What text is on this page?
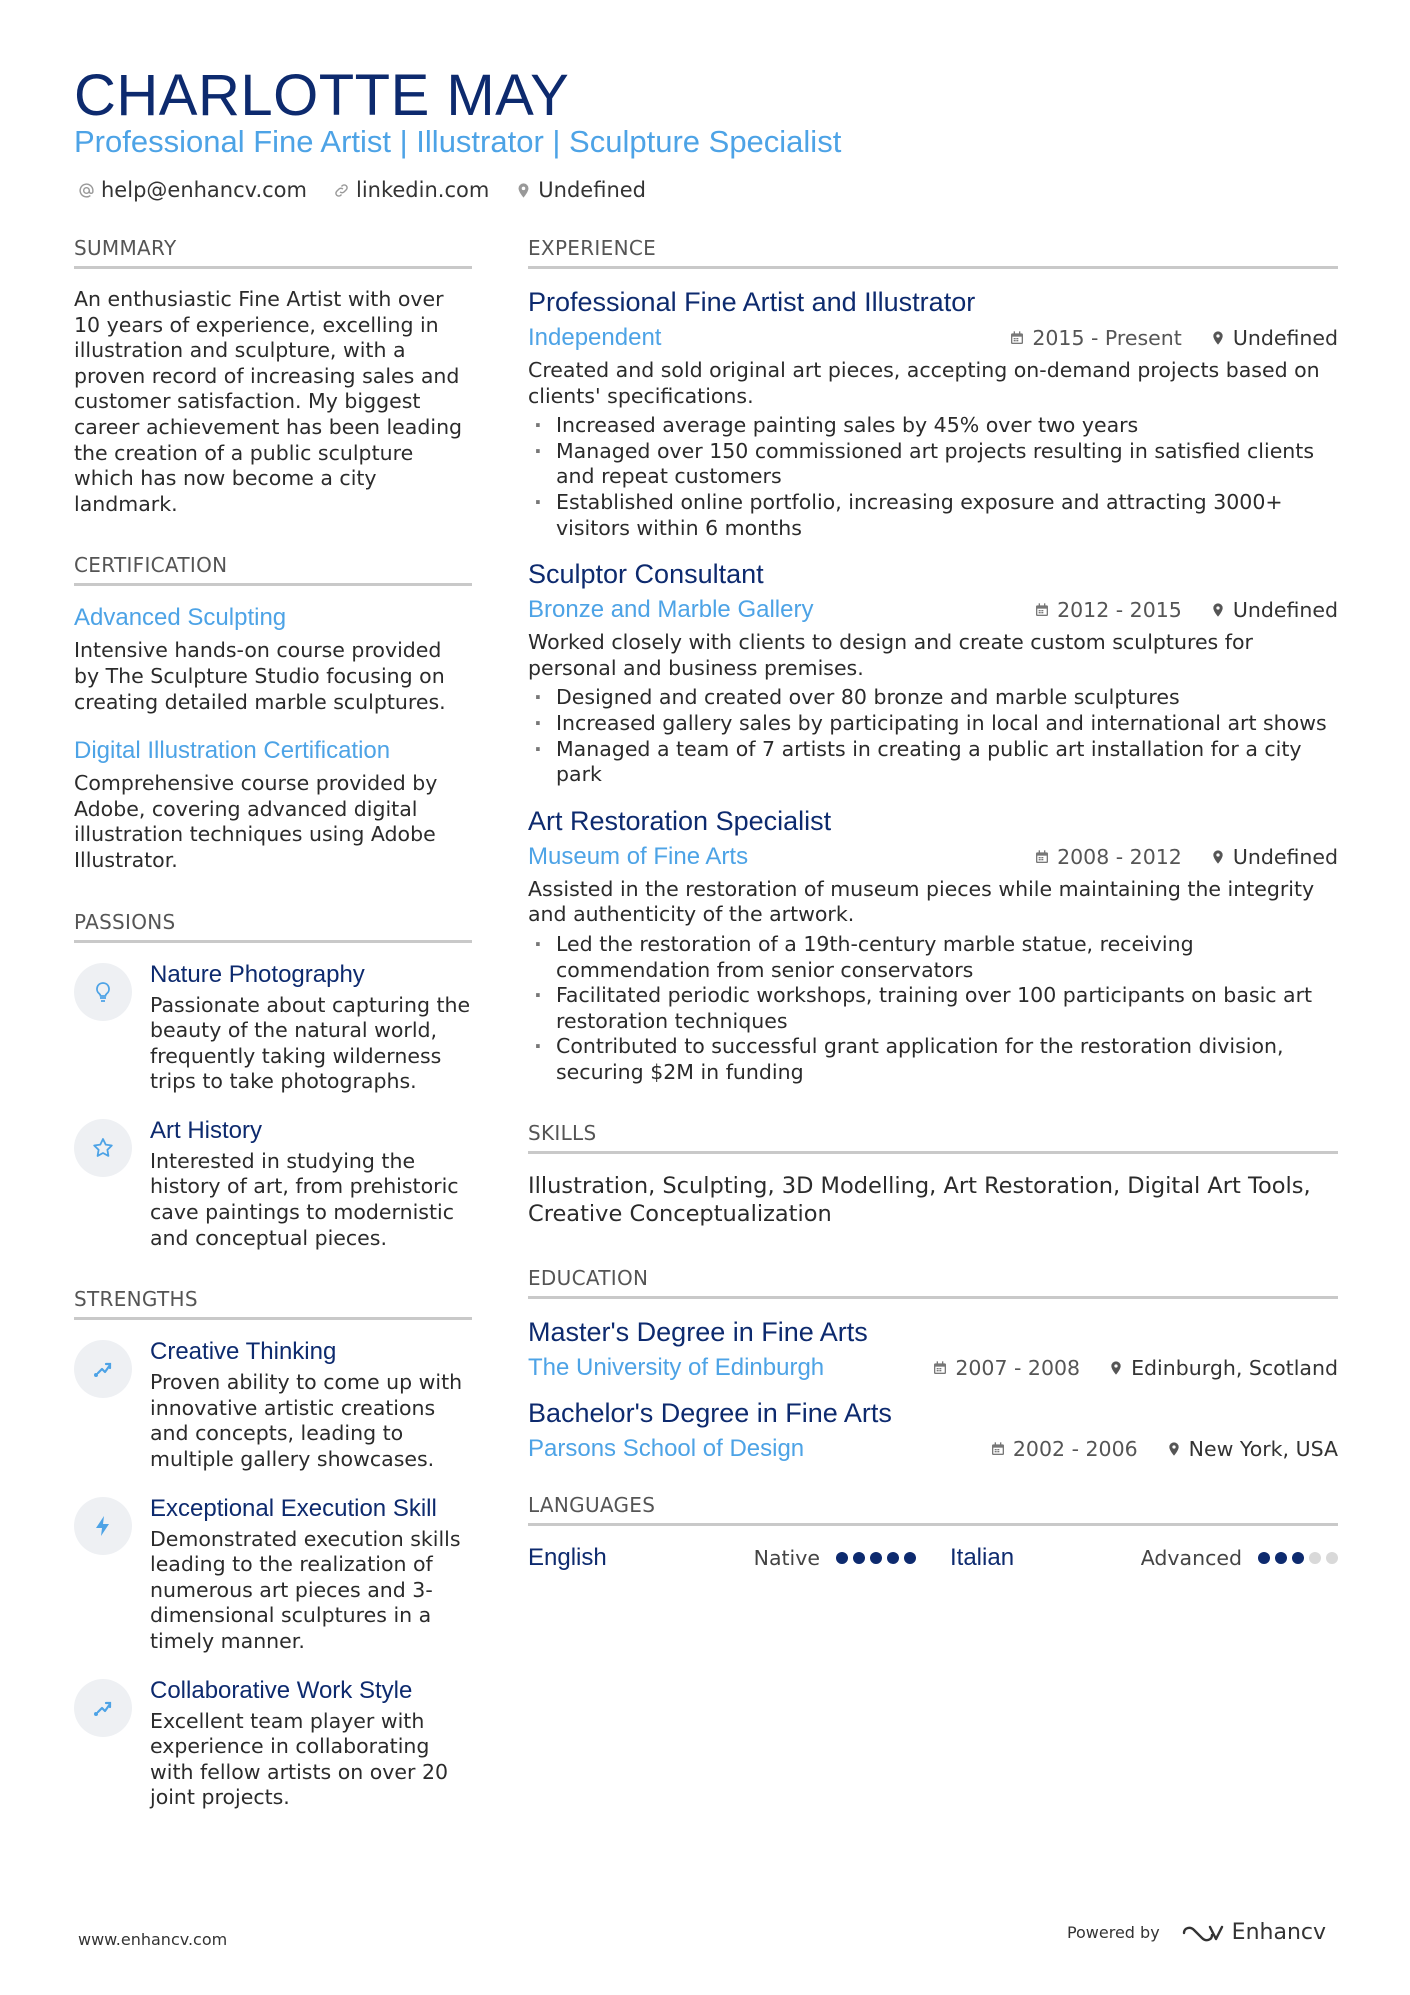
CHARLOTTE MAY
Professional Fine Artist | Illustrator | Sculpture Specialist
help@enhancv.com linkedin.com Undefined
SUMMARY
An enthusiastic Fine Artist with over 10 years of experience, excelling in illustration and sculpture, with a proven record of increasing sales and customer satisfaction. My biggest career achievement has been leading the creation of a public sculpture which has now become a city landmark.
CERTIFICATION
Advanced Sculpting
Intensive hands-on course provided by The Sculpture Studio focusing on creating detailed marble sculptures.
Digital Illustration Certification
Comprehensive course provided by Adobe, covering advanced digital illustration techniques using Adobe Illustrator.
PASSIONS
Nature Photography
Passionate about capturing the beauty of the natural world, frequently taking wilderness trips to take photographs.
Art History
Interested in studying the history of art, from prehistoric cave paintings to modernistic and conceptual pieces.
STRENGTHS
Creative Thinking
Proven ability to come up with innovative artistic creations and concepts, leading to multiple gallery showcases.
Exceptional Execution Skill
Demonstrated execution skills leading to the realization of numerous art pieces and 3-dimensional sculptures in a timely manner.
Collaborative Work Style
Excellent team player with experience in collaborating with fellow artists on over 20 joint projects.
EXPERIENCE
Professional Fine Artist and Illustrator
Independent	2015 - Present Undefined
Created and sold original art pieces, accepting on-demand projects based on clients' specifications.
· Increased average painting sales by 45% over two years
· Managed over 150 commissioned art projects resulting in satisfied clients and repeat customers
· Established online portfolio, increasing exposure and attracting 3000+ visitors within 6 months
Sculptor Consultant
Bronze and Marble Gallery	2012 - 2015 Undefined
Worked closely with clients to design and create custom sculptures for personal and business premises.
· Designed and created over 80 bronze and marble sculptures
· Increased gallery sales by participating in local and international art shows
· Managed a team of 7 artists in creating a public art installation for a city park
Art Restoration Specialist
Museum of Fine Arts	2008 - 2012 Undefined
Assisted in the restoration of museum pieces while maintaining the integrity and authenticity of the artwork.
· Led the restoration of a 19th-century marble statue, receiving commendation from senior conservators
· Facilitated periodic workshops, training over 100 participants on basic art restoration techniques
· Contributed to successful grant application for the restoration division, securing $2M in funding
SKILLS
Illustration, Sculpting, 3D Modelling, Art Restoration, Digital Art Tools, Creative Conceptualization
EDUCATION
Master's Degree in Fine Arts
The University of Edinburgh	2007 - 2008 Edinburgh, Scotland
Bachelor's Degree in Fine Arts
Parsons School of Design	2002 - 2006 New York, USA
LANGUAGES
English	Native	Italian	Advanced
www.enhancv.com	Powered by	Enhancv
